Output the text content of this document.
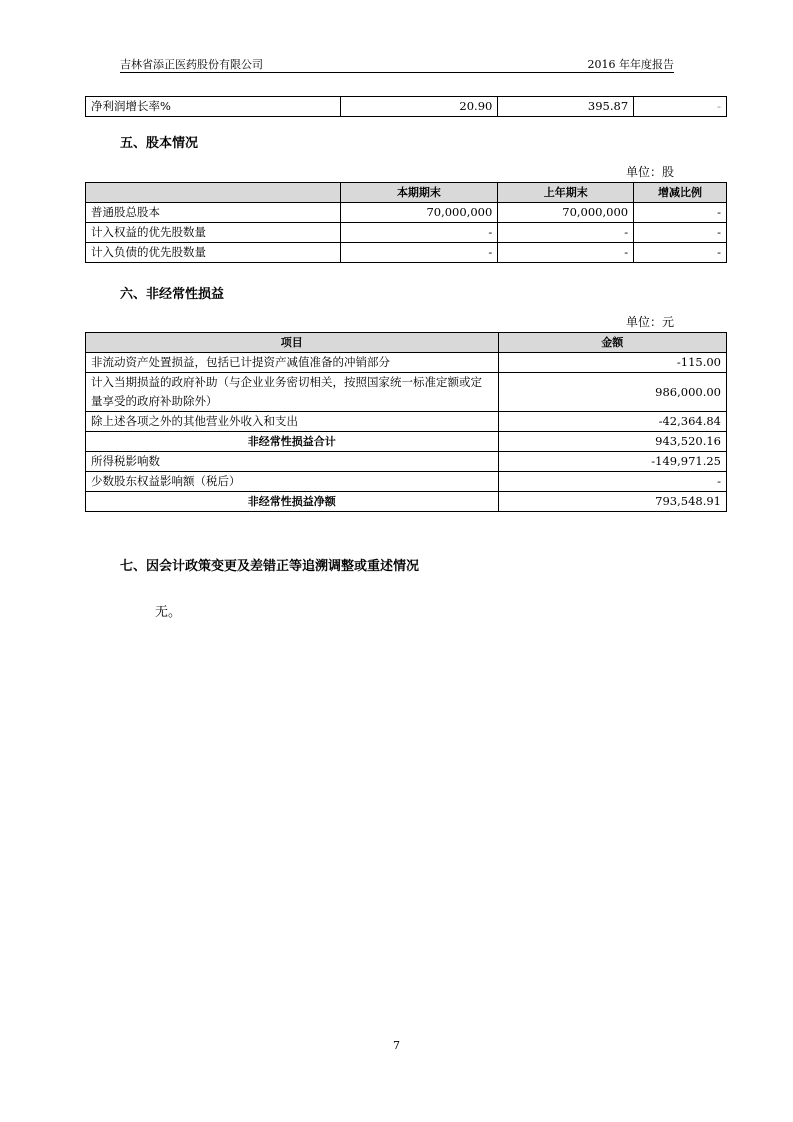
吉林省添正医药股份有限公司	2016 年年度报告
净利润增长率%	20.90	395.87	-
五、股本情况
单位：股
	本期期末	上年期末	增减比例
普通股总股本	70,000,000	70,000,000	-
计入权益的优先股数量	-	-	-
计入负债的优先股数量	-	-	-
六、非经常性损益
单位：元
项目	金额
非流动资产处置损益，包括已计提资产减值准备的冲销部分	-115.00
计入当期损益的政府补助（与企业业务密切相关，按照国家统一标准定额或定量享受的政府补助除外）	986,000.00
除上述各项之外的其他营业外收入和支出	-42,364.84
非经常性损益合计	943,520.16
所得税影响数	-149,971.25
少数股东权益影响额（税后）	-
非经常性损益净额	793,548.91
七、因会计政策变更及差错正等追溯调整或重述情况
无。
7
